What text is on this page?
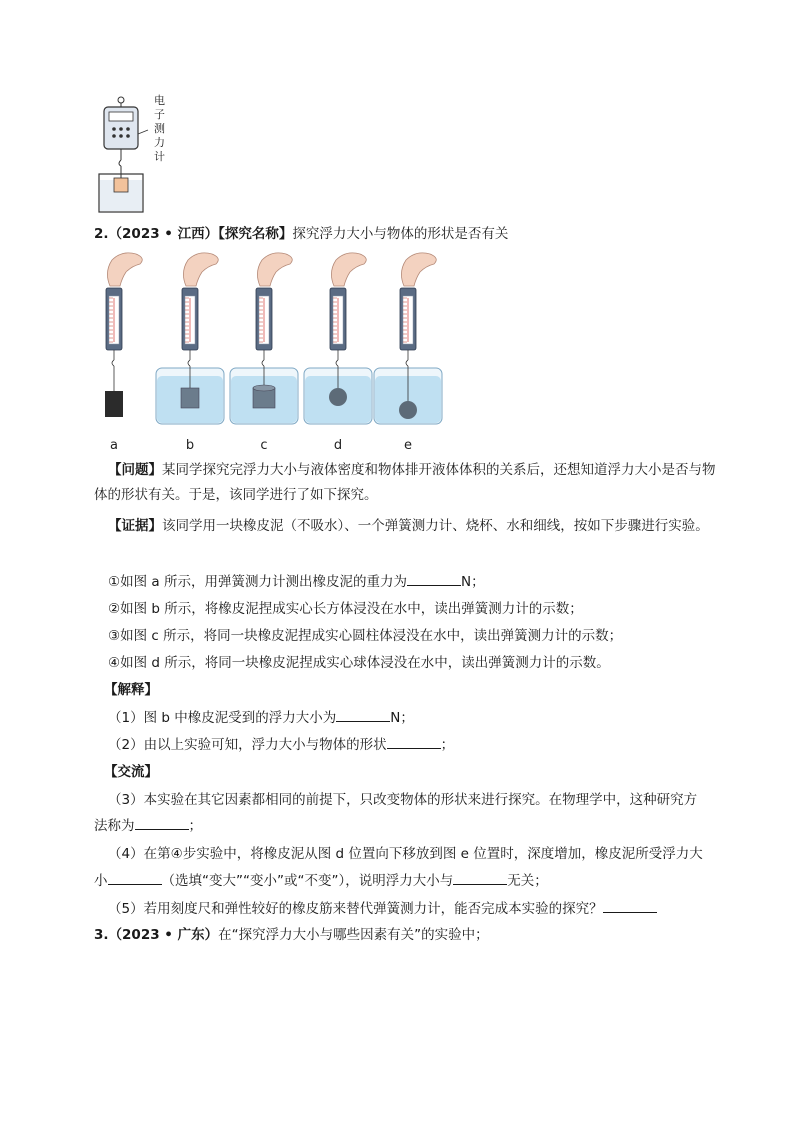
电
子
测
力
计
2.（2023 • 江西）【探究名称】探究浮力大小与物体的形状是否有关
a	b	c	d	e
【问题】某同学探究完浮力大小与液体密度和物体排开液体体积的关系后，还想知道浮力大小是否与物体的形状有关。于是，该同学进行了如下探究。
【证据】该同学用一块橡皮泥（不吸水）、一个弹簧测力计、烧杯、水和细线，按如下步骤进行实验。
①如图 a 所示，用弹簧测力计测出橡皮泥的重力为	N；
②如图 b 所示，将橡皮泥捏成实心长方体浸没在水中，读出弹簧测力计的示数；
③如图 c 所示，将同一块橡皮泥捏成实心圆柱体浸没在水中，读出弹簧测力计的示数；
④如图 d 所示，将同一块橡皮泥捏成实心球体浸没在水中，读出弹簧测力计的示数。
【解释】
（1）图 b 中橡皮泥受到的浮力大小为	N；
（2）由以上实验可知，浮力大小与物体的形状	；
【交流】
（3）本实验在其它因素都相同的前提下，只改变物体的形状来进行探究。在物理学中，这种研究方
法称为	；
（4）在第④步实验中，将橡皮泥从图 d 位置向下移放到图 e 位置时，深度增加，橡皮泥所受浮力大
小	（选填“变大”“变小”或“不变”），说明浮力大小与	无关；
（5）若用刻度尺和弹性较好的橡皮筋来替代弹簧测力计，能否完成本实验的探究？
3.（2023 • 广东）在“探究浮力大小与哪些因素有关”的实验中；
